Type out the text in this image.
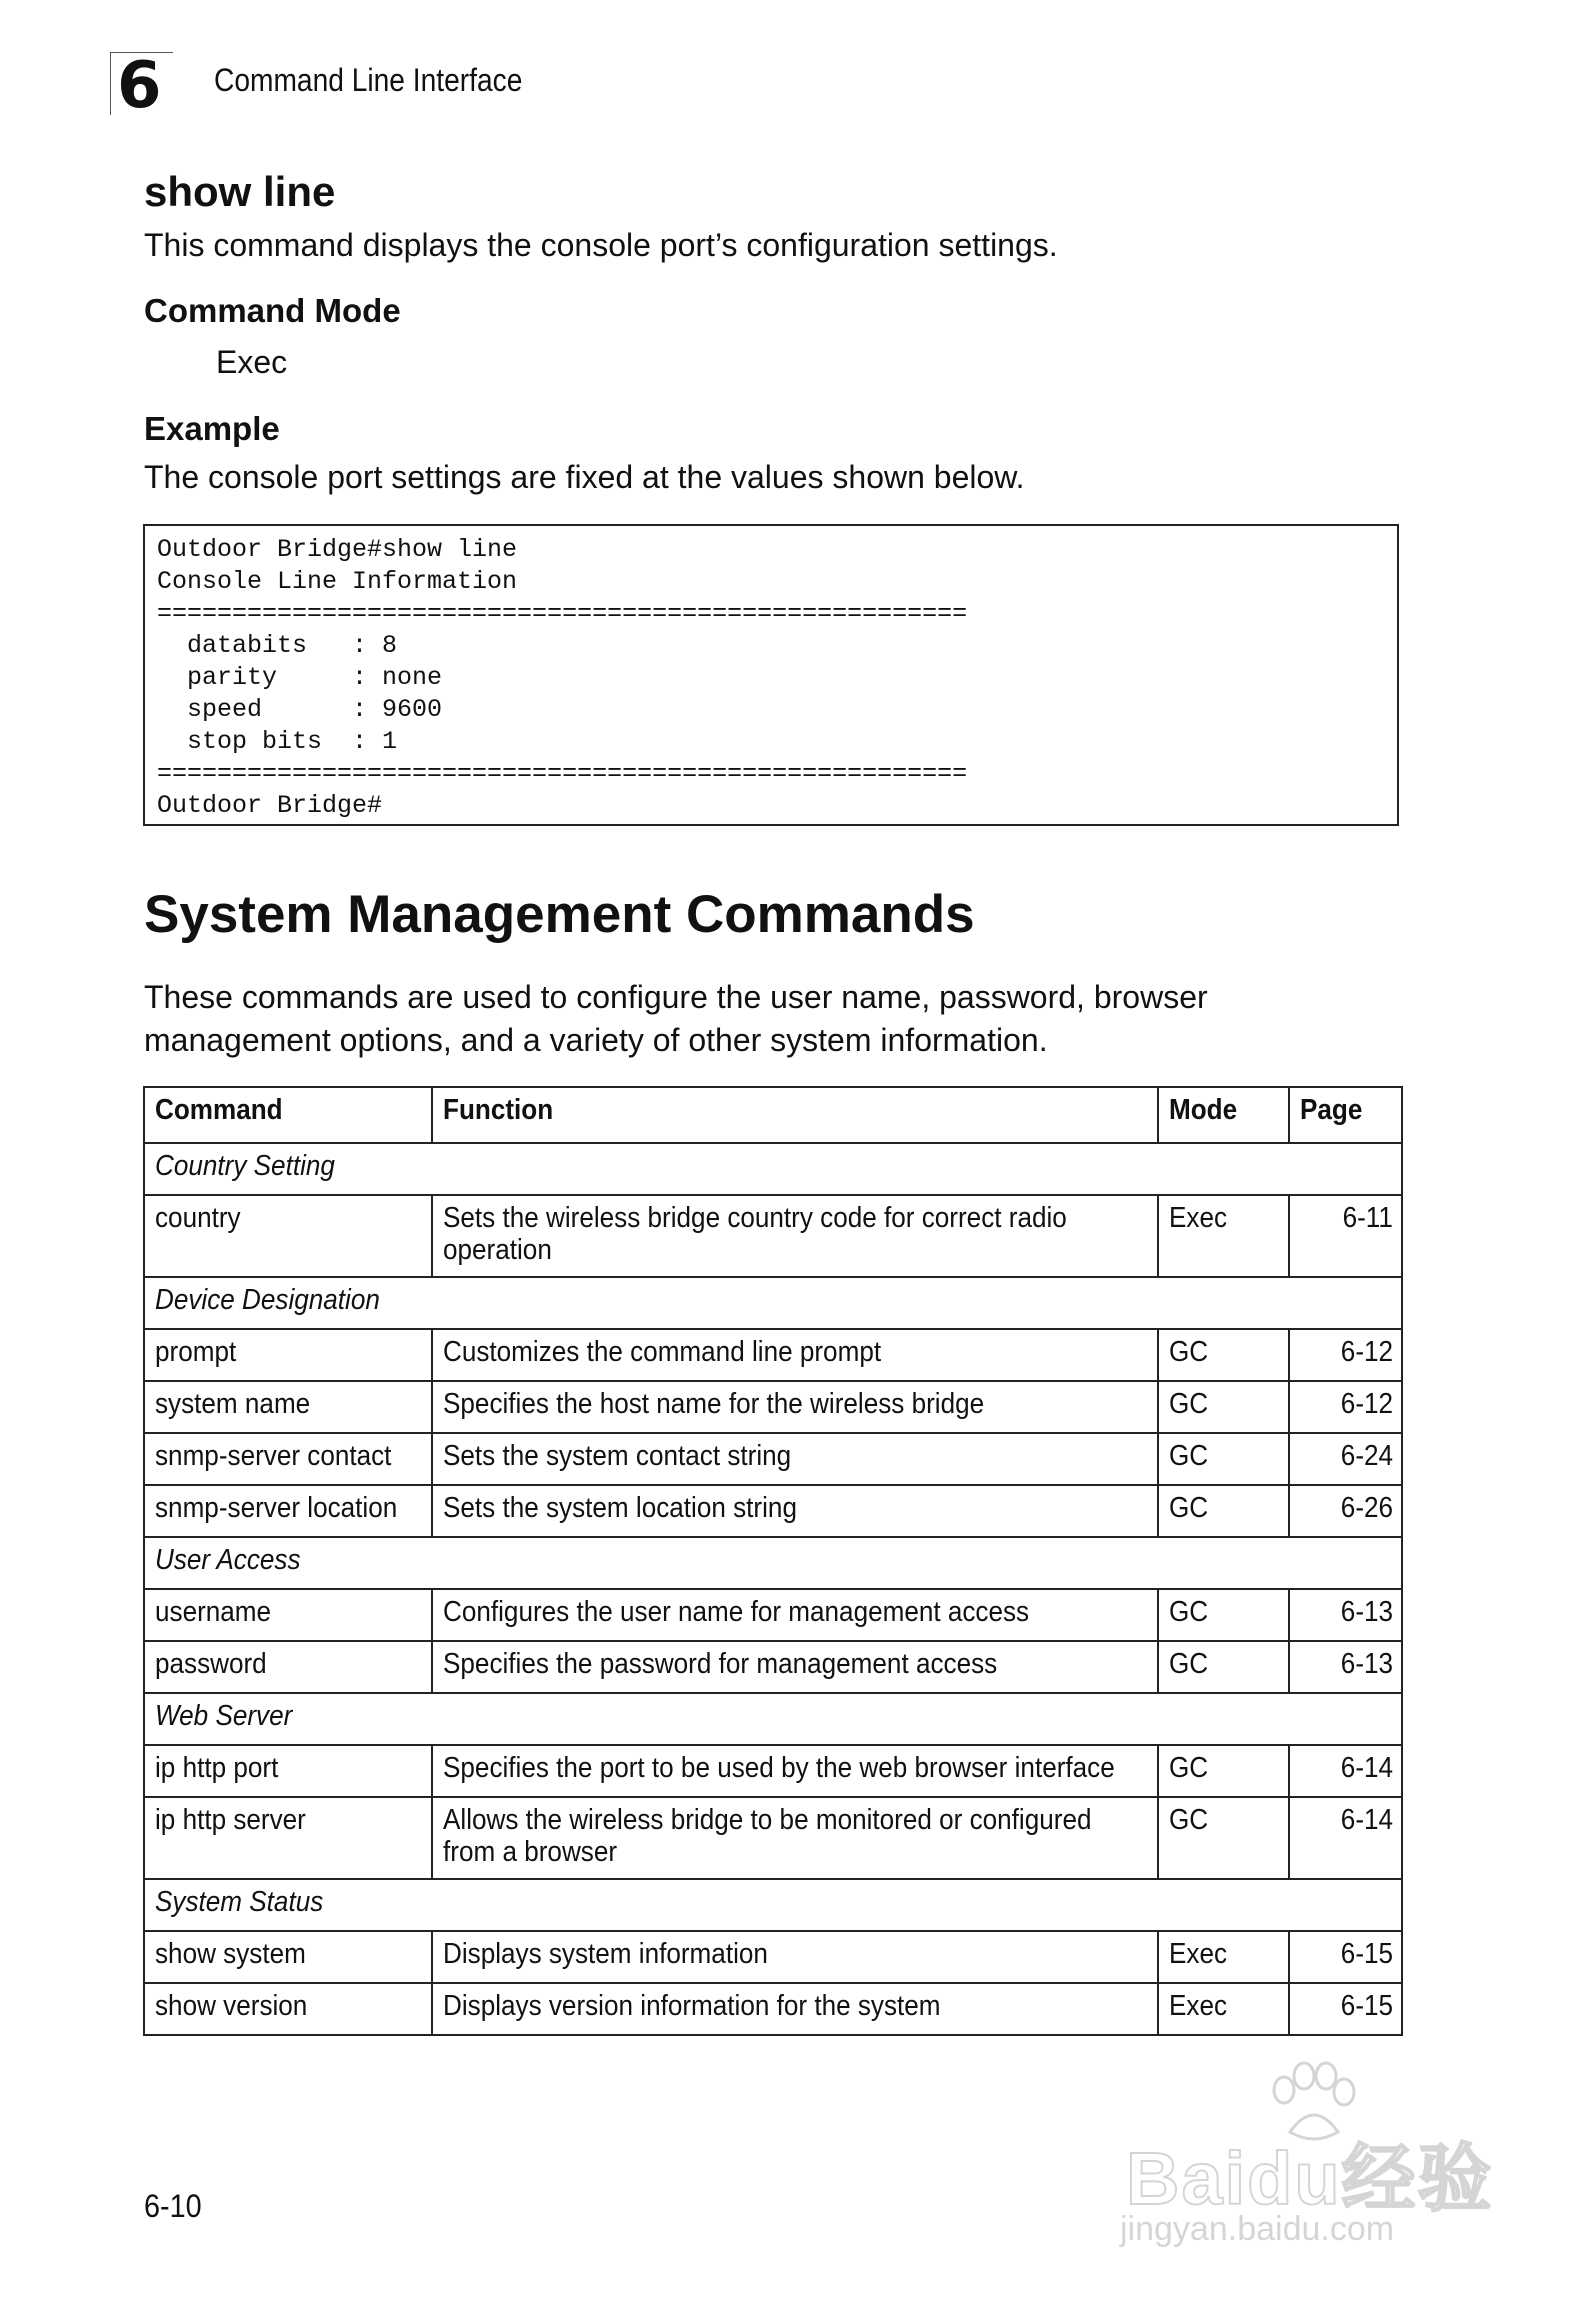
6	Command Line Interface
show line

This command displays the console port’s configuration settings.

Command Mode

Exec

Example

The console port settings are fixed at the values shown below.

Outdoor Bridge#show line
Console Line Information
======================================================
databits   : 8
parity     : none
speed      : 9600
stop bits  : 1
======================================================
Outdoor Bridge#
System Management Commands

These commands are used to configure the user name, password, browser
management options, and a variety of other system information.

Command	Function	Mode	Page
Country Setting			
country	Sets the wireless bridge country code for correct radio operation	Exec	6-11
Device Designation			
prompt	Customizes the command line prompt	GC	6-12
system name	Specifies the host name for the wireless bridge	GC	6-12
snmp-server contact	Sets the system contact string	GC	6-24
snmp-server location	Sets the system location string	GC	6-26
User Access			
username	Configures the user name for management access	GC	6-13
password	Specifies the password for management access	GC	6-13
Web Server			
ip http port	Specifies the port to be used by the web browser interface	GC	6-14
ip http server	Allows the wireless bridge to be monitored or configured from a browser	GC	6-14
System Status			
show system	Displays system information	Exec	6-15
show version	Displays version information for the system	Exec	6-15
6-10	Baidu经验
jingyan.baidu.com
